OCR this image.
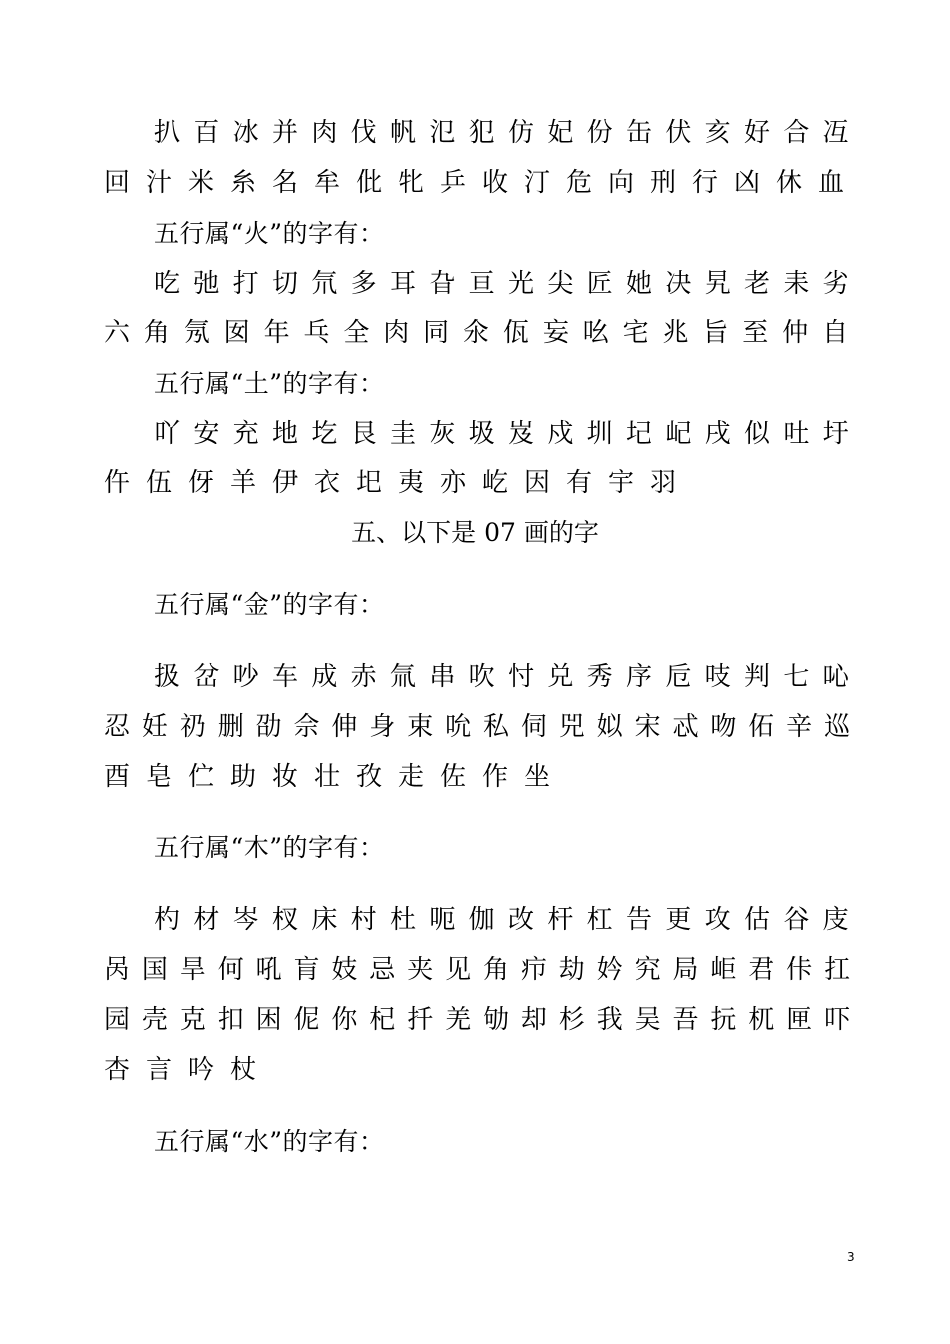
扒百冰并肉伐帆氾犯仿妃份缶伏亥好合冱
回汁米糸名牟仳牝乒收汀危向刑行凶休血
五行属“火”的字有：
吃弛打切氘多耳旮亘光尖匠她决旯老耒劣
六角氖囡年乓全肉同氽佤妄吆宅兆旨至仲自
五行属“土”的字有：
吖安充地圪艮圭灰圾岌戍圳圮屺戌似吐圩
仵伍伢羊伊衣圯夷亦屹因有宇羽
五、以下是 07 画的字
五行属“金”的字有：
扱岔吵车成赤氚串吹忖兑秀序卮吱判七吣
忍妊礽删劭佘伸身束吮私伺兕姒宋忒吻佦辛巡
酉皂伫助妆壮孜走佐作坐
五行属“木”的字有：
杓材岑杈床村杜呃伽改杆杠告更攻估谷庋
呙国旱何吼肓妓忌夹见角疖劫妗究局岠君佧扛
园壳克扣困伲你杞扦羌劬却杉我吴吾抏杌匣吓
杏言吟杖
五行属“水”的字有：
3
